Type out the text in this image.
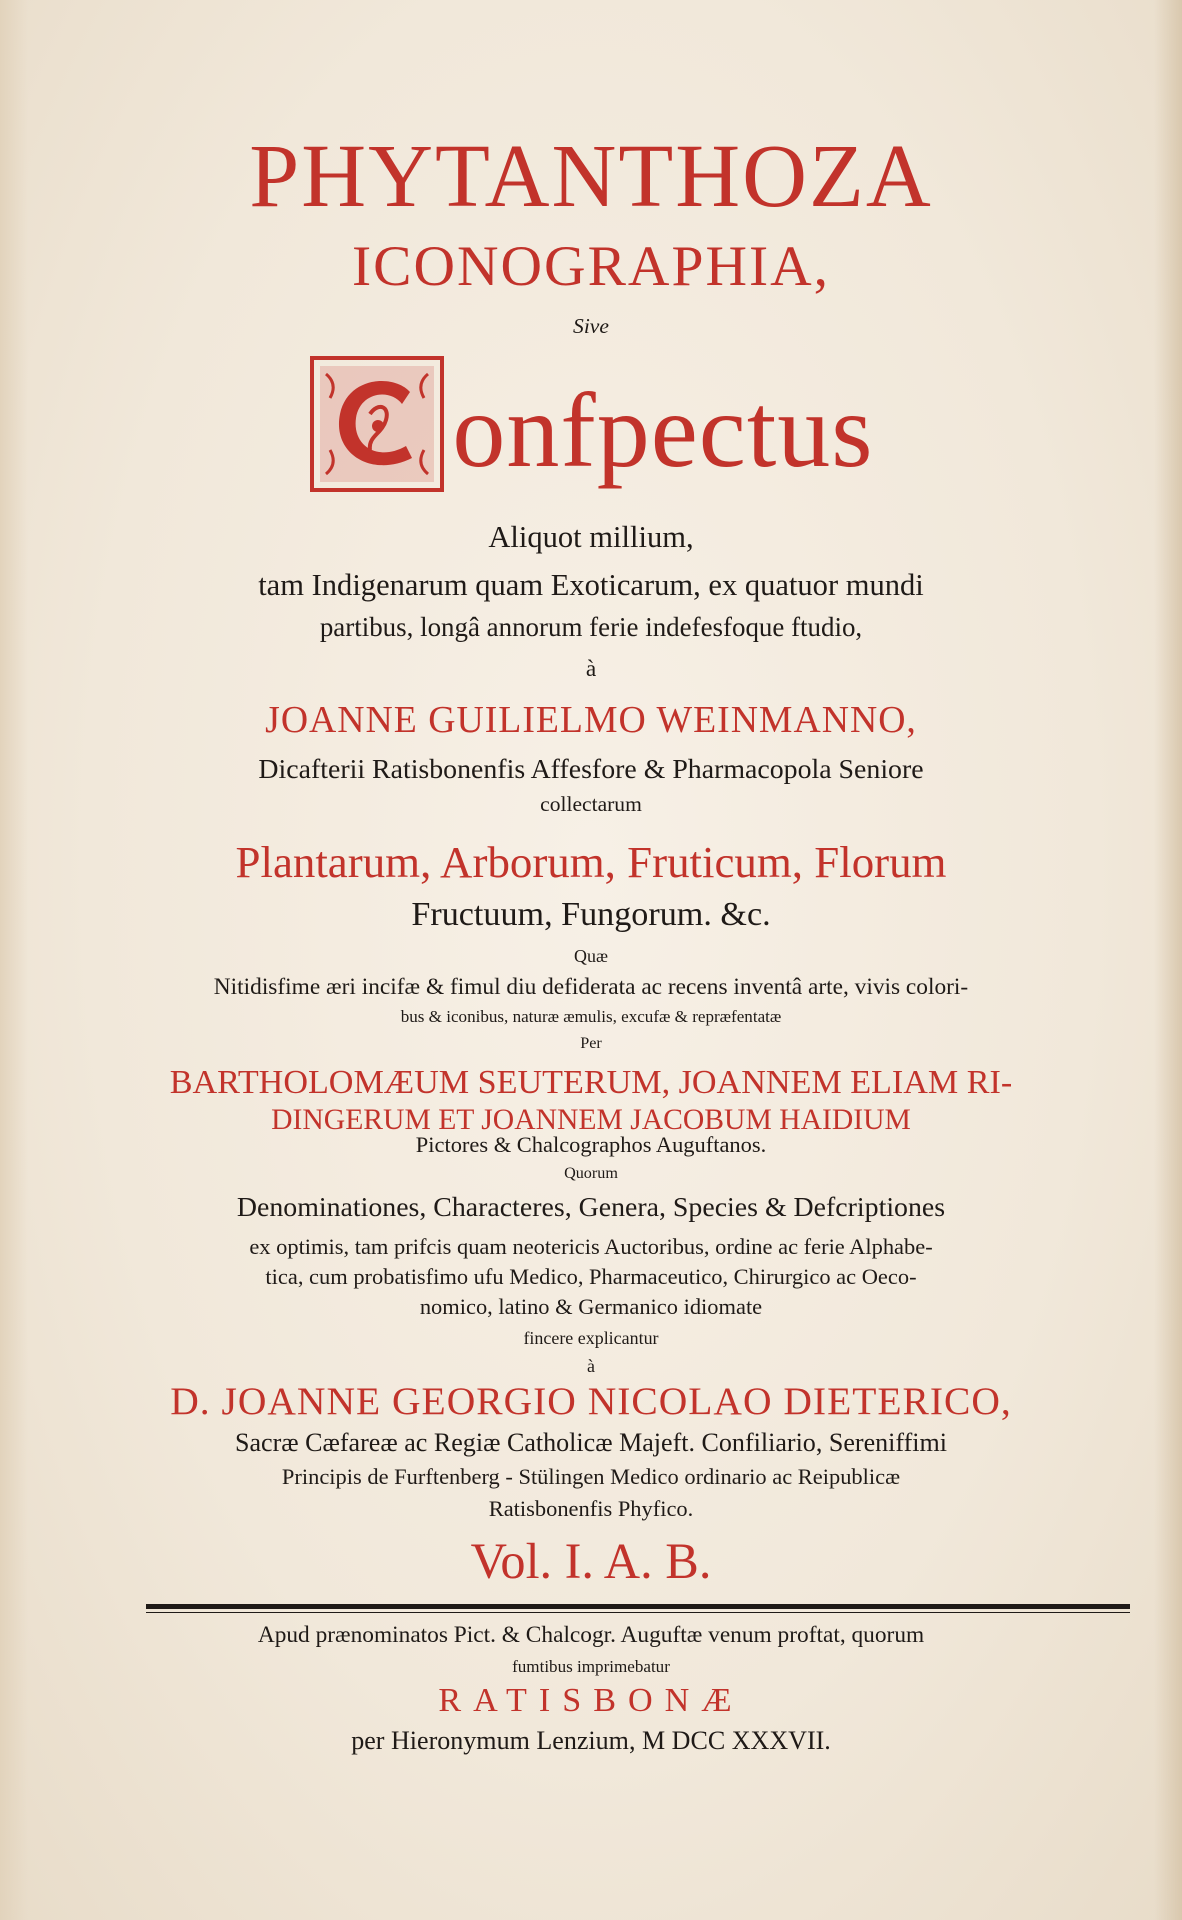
PHYTANTHOZA
ICONOGRAPHIA,
Sive
onfpectus
Aliquot millium,
tam Indigenarum quam Exoticarum, ex quatuor mundi
partibus, longâ annorum ferie indefesfoque ftudio,
à
JOANNE GUILIELMO WEINMANNO,
Dicafterii Ratisbonenfis Affesfore & Pharmacopola Seniore
collectarum
Plantarum, Arborum, Fruticum, Florum
Fructuum, Fungorum. &c.
Quæ
Nitidisfime æri incifæ & fimul diu defiderata ac recens inventâ arte, vivis colori-
bus & iconibus, naturæ æmulis, excufæ & repræfentatæ
Per
BARTHOLOMÆUM SEUTERUM, JOANNEM ELIAM RI-
DINGERUM ET JOANNEM JACOBUM HAIDIUM
Pictores & Chalcographos Auguftanos.
Quorum
Denominationes, Characteres, Genera, Species & Defcriptiones
ex optimis, tam prifcis quam neotericis Auctoribus, ordine ac ferie Alphabe-
tica, cum probatisfimo ufu Medico, Pharmaceutico, Chirurgico ac Oeco-
nomico, latino & Germanico idiomate
fincere explicantur
à
D. JOANNE GEORGIO NICOLAO DIETERICO,
Sacræ Cæfareæ ac Regiæ Catholicæ Majeft. Confiliario, Sereniffimi
Principis de Furftenberg - Stülingen Medico ordinario ac Reipublicæ
Ratisbonenfis Phyfico.
Vol. I. A. B.
Apud prænominatos Pict. & Chalcogr. Auguftæ venum proftat, quorum
fumtibus imprimebatur
RATISBONÆ
per Hieronymum Lenzium, M DCC XXXVII.
